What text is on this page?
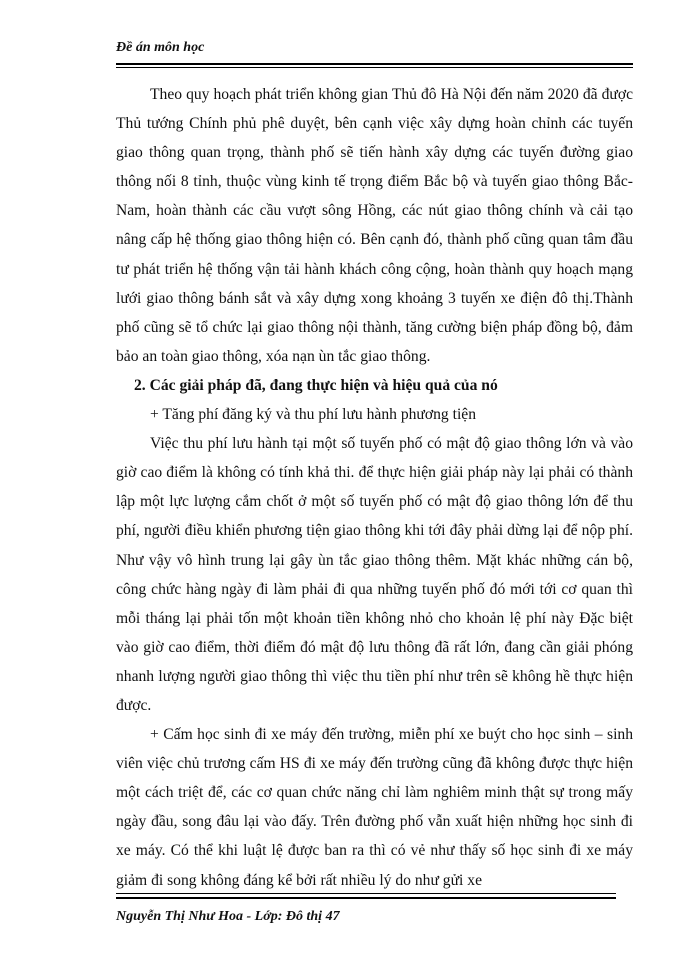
Đề án môn học

Theo quy hoạch phát triển không gian Thủ đô Hà Nội đến năm 2020 đã được Thủ tướng Chính phủ phê duyệt, bên cạnh việc xây dựng hoàn chỉnh các tuyến giao thông quan trọng, thành phố sẽ tiến hành xây dựng các tuyến đường giao thông nối 8 tỉnh, thuộc vùng kinh tế trọng điểm Bắc bộ và tuyến giao thông Bắc- Nam, hoàn thành các cầu vượt sông Hồng, các nút giao thông chính và cải tạo nâng cấp hệ thống giao thông hiện có. Bên cạnh đó, thành phố cũng quan tâm đầu tư phát triển hệ thống vận tải hành khách công cộng, hoàn thành quy hoạch mạng lưới giao thông bánh sắt và xây dựng xong khoảng 3 tuyến xe điện đô thị.Thành phố cũng sẽ tổ chức lại giao thông nội thành, tăng cường biện pháp đồng bộ, đảm bảo an toàn giao thông, xóa nạn ùn tắc giao thông.

2. Các giải pháp đã, đang thực hiện và hiệu quả của nó

+ Tăng phí đăng ký và thu phí lưu hành phương tiện

Việc thu phí lưu hành tại một số tuyến phố có mật độ giao thông lớn và vào giờ cao điểm là không có tính khả thi. để thực hiện giải pháp này lại phải có thành lập một lực lượng cắm chốt ở một số tuyến phố có mật độ giao thông lớn để thu phí, người điều khiển phương tiện giao thông khi tới đây phải dừng lại để nộp phí. Như vậy vô hình trung lại gây ùn tắc giao thông thêm. Mặt khác những cán bộ, công chức hàng ngày đi làm phải đi qua những tuyến phố đó mới tới cơ quan thì mỗi tháng lại phải tốn một khoản tiền không nhỏ cho khoản lệ phí này Đặc biệt vào giờ cao điểm, thời điểm đó mật độ lưu thông đã rất lớn, đang cần giải phóng nhanh lượng người giao thông thì việc thu tiền phí như trên sẽ không hề thực hiện được.

+ Cấm học sinh đi xe máy đến trường, miễn phí xe buýt cho học sinh – sinh viên việc chủ trương cấm HS đi xe máy đến trường cũng đã không được thực hiện một cách triệt để, các cơ quan chức năng chỉ làm nghiêm minh thật sự trong mấy ngày đầu, song đâu lại vào đấy. Trên đường phố vẫn xuất hiện những học sinh đi xe máy. Có thể khi luật lệ được ban ra thì có vẻ như thấy số học sinh đi xe máy giảm đi song không đáng kể bởi rất nhiều lý do như gửi xe

Nguyễn Thị Như Hoa - Lớp: Đô thị 47
